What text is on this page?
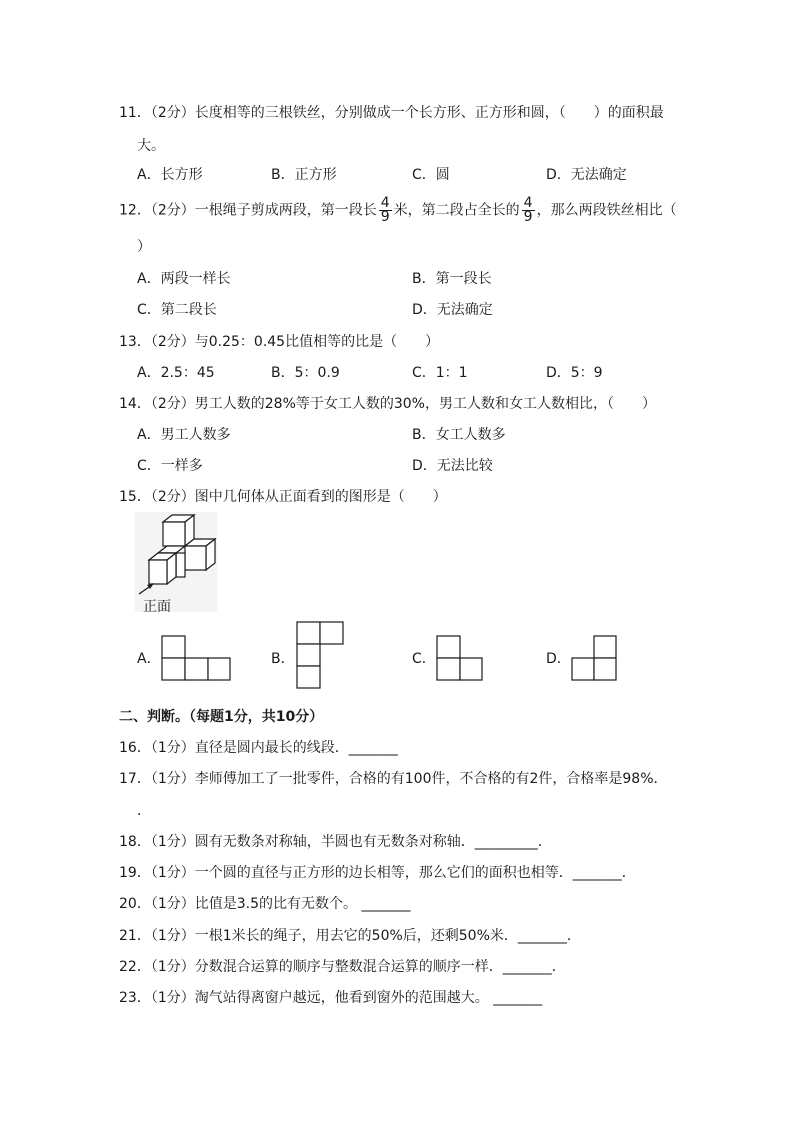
11．（2分）长度相等的三根铁丝，分别做成一个长方形、正方形和圆，（　　）的面积最
大。
A．长方形	B．正方形	C．圆	D．无法确定
12．（2分）一根绳子剪成两段，第一段长 $\frac{4}{9}$ 米，第二段占全长的 $\frac{4}{9}$ ，那么两段铁丝相比（
）
A．两段一样长	B．第一段长
C．第二段长	D．无法确定
13．（2分）与0.25：0.45比值相等的比是（　　）
A．2.5：45	B．5：0.9	C．1：1	D．5：9
14．（2分）男工人数的28%等于女工人数的30%，男工人数和女工人数相比，（　　）
A．男工人数多	B．女工人数多
C．一样多	D．无法比较
15．（2分）图中几何体从正面看到的图形是（　　）
正面
A．	B．	C．	D．
二、判断。（每题1分，共10分）
16．（1分）直径是圆内最长的线段．_______
17．（1分）李师傅加工了一批零件，合格的有100件，不合格的有2件，合格率是98%．
．
18．（1分）圆有无数条对称轴，半圆也有无数条对称轴．_________．
19．（1分）一个圆的直径与正方形的边长相等，那么它们的面积也相等．_______．
20．（1分）比值是3.5的比有无数个。 _______
21．（1分）一根1米长的绳子，用去它的50%后，还剩50%米．_______．
22．（1分）分数混合运算的顺序与整数混合运算的顺序一样．_______．
23．（1分）淘气站得离窗户越远，他看到窗外的范围越大。 _______
